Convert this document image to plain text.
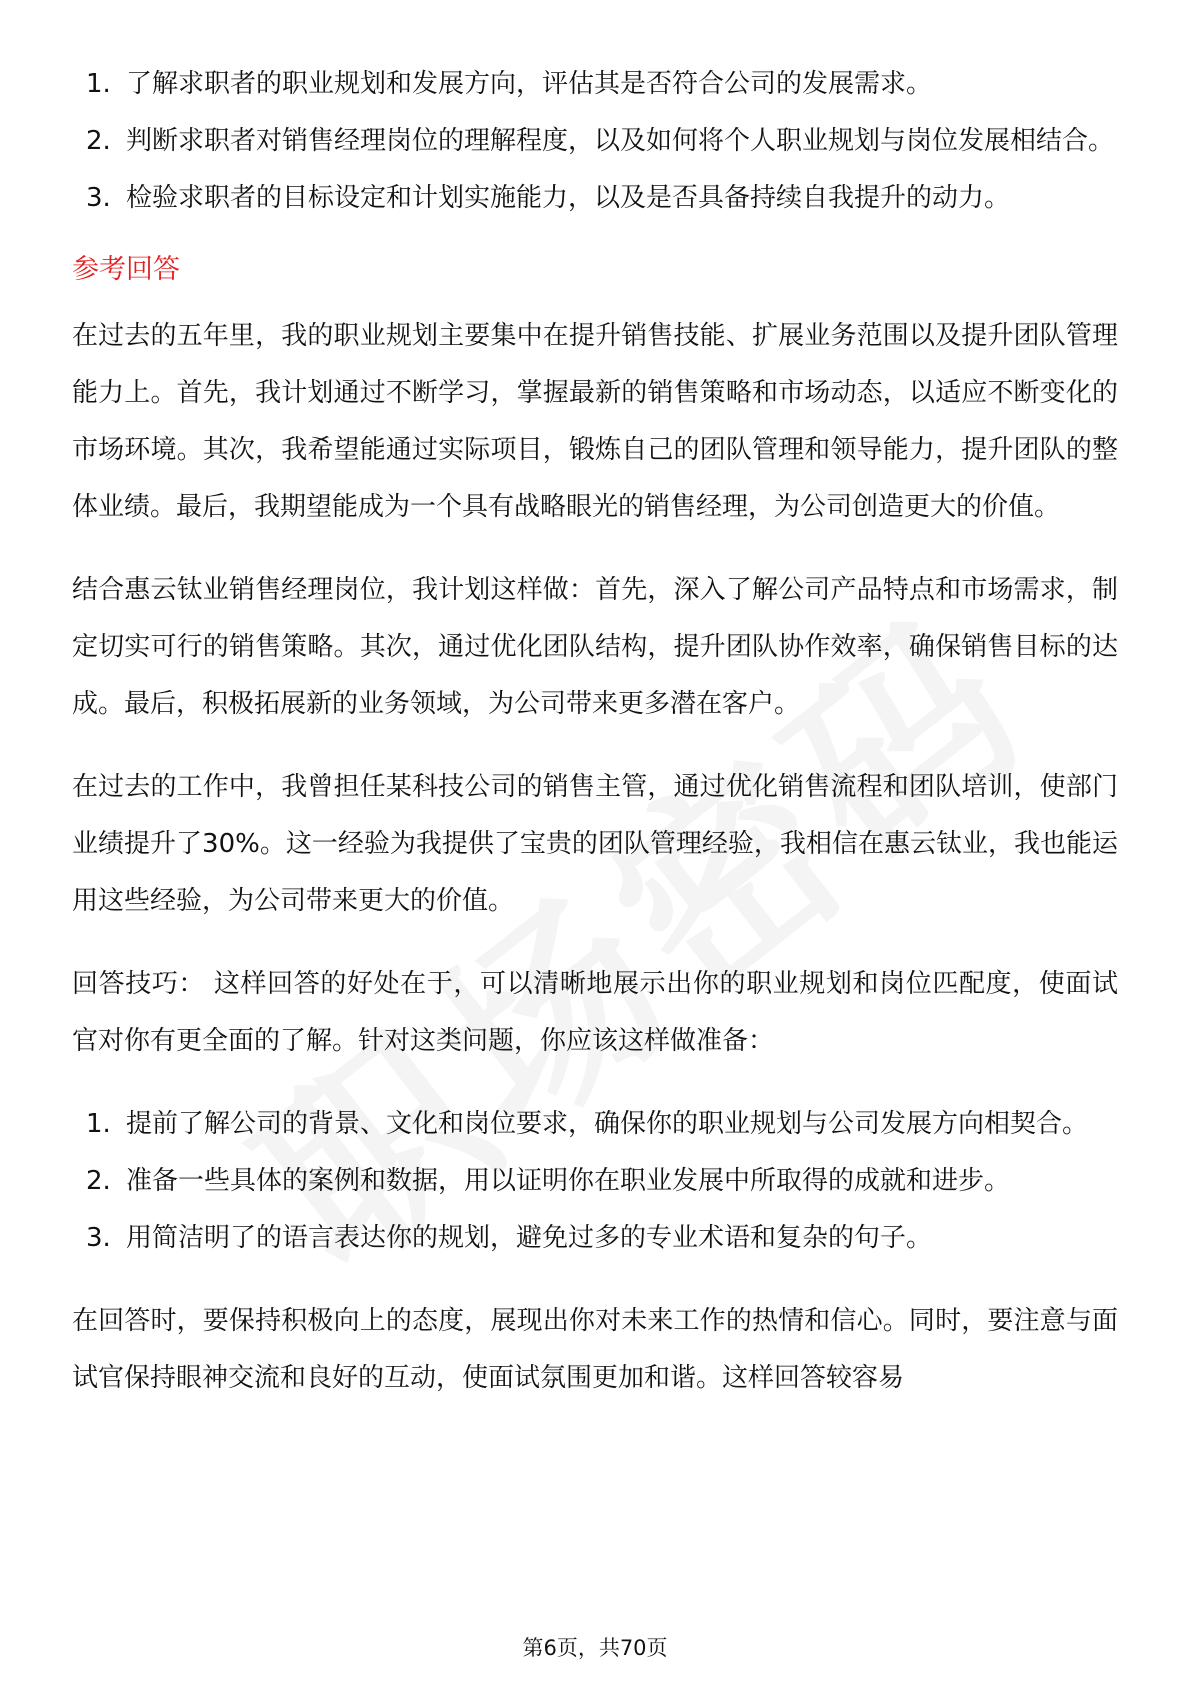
1. 了解求职者的职业规划和发展方向，评估其是否符合公司的发展需求。
2. 判断求职者对销售经理岗位的理解程度，以及如何将个人职业规划与岗位发展相结合。
3. 检验求职者的目标设定和计划实施能力，以及是否具备持续自我提升的动力。
参考回答

在过去的五年里，我的职业规划主要集中在提升销售技能、扩展业务范围以及提升团队管理能力上。首先，我计划通过不断学习，掌握最新的销售策略和市场动态，以适应不断变化的市场环境。其次，我希望能通过实际项目，锻炼自己的团队管理和领导能力，提升团队的整体业绩。最后，我期望能成为一个具有战略眼光的销售经理，为公司创造更大的价值。

结合惠云钛业销售经理岗位，我计划这样做：首先，深入了解公司产品特点和市场需求，制定切实可行的销售策略。其次，通过优化团队结构，提升团队协作效率，确保销售目标的达成。最后，积极拓展新的业务领域，为公司带来更多潜在客户。

在过去的工作中，我曾担任某科技公司的销售主管，通过优化销售流程和团队培训，使部门业绩提升了30%。这一经验为我提供了宝贵的团队管理经验，我相信在惠云钛业，我也能运用这些经验，为公司带来更大的价值。

回答技巧： 这样回答的好处在于，可以清晰地展示出你的职业规划和岗位匹配度，使面试官对你有更全面的了解。针对这类问题，你应该这样做准备：

1. 提前了解公司的背景、文化和岗位要求，确保你的职业规划与公司发展方向相契合。
2. 准备一些具体的案例和数据，用以证明你在职业发展中所取得的成就和进步。
3. 用简洁明了的语言表达你的规划，避免过多的专业术语和复杂的句子。

在回答时，要保持积极向上的态度，展现出你对未来工作的热情和信心。同时，要注意与面试官保持眼神交流和良好的互动，使面试氛围更加和谐。这样回答较容易

第6页，共70页
